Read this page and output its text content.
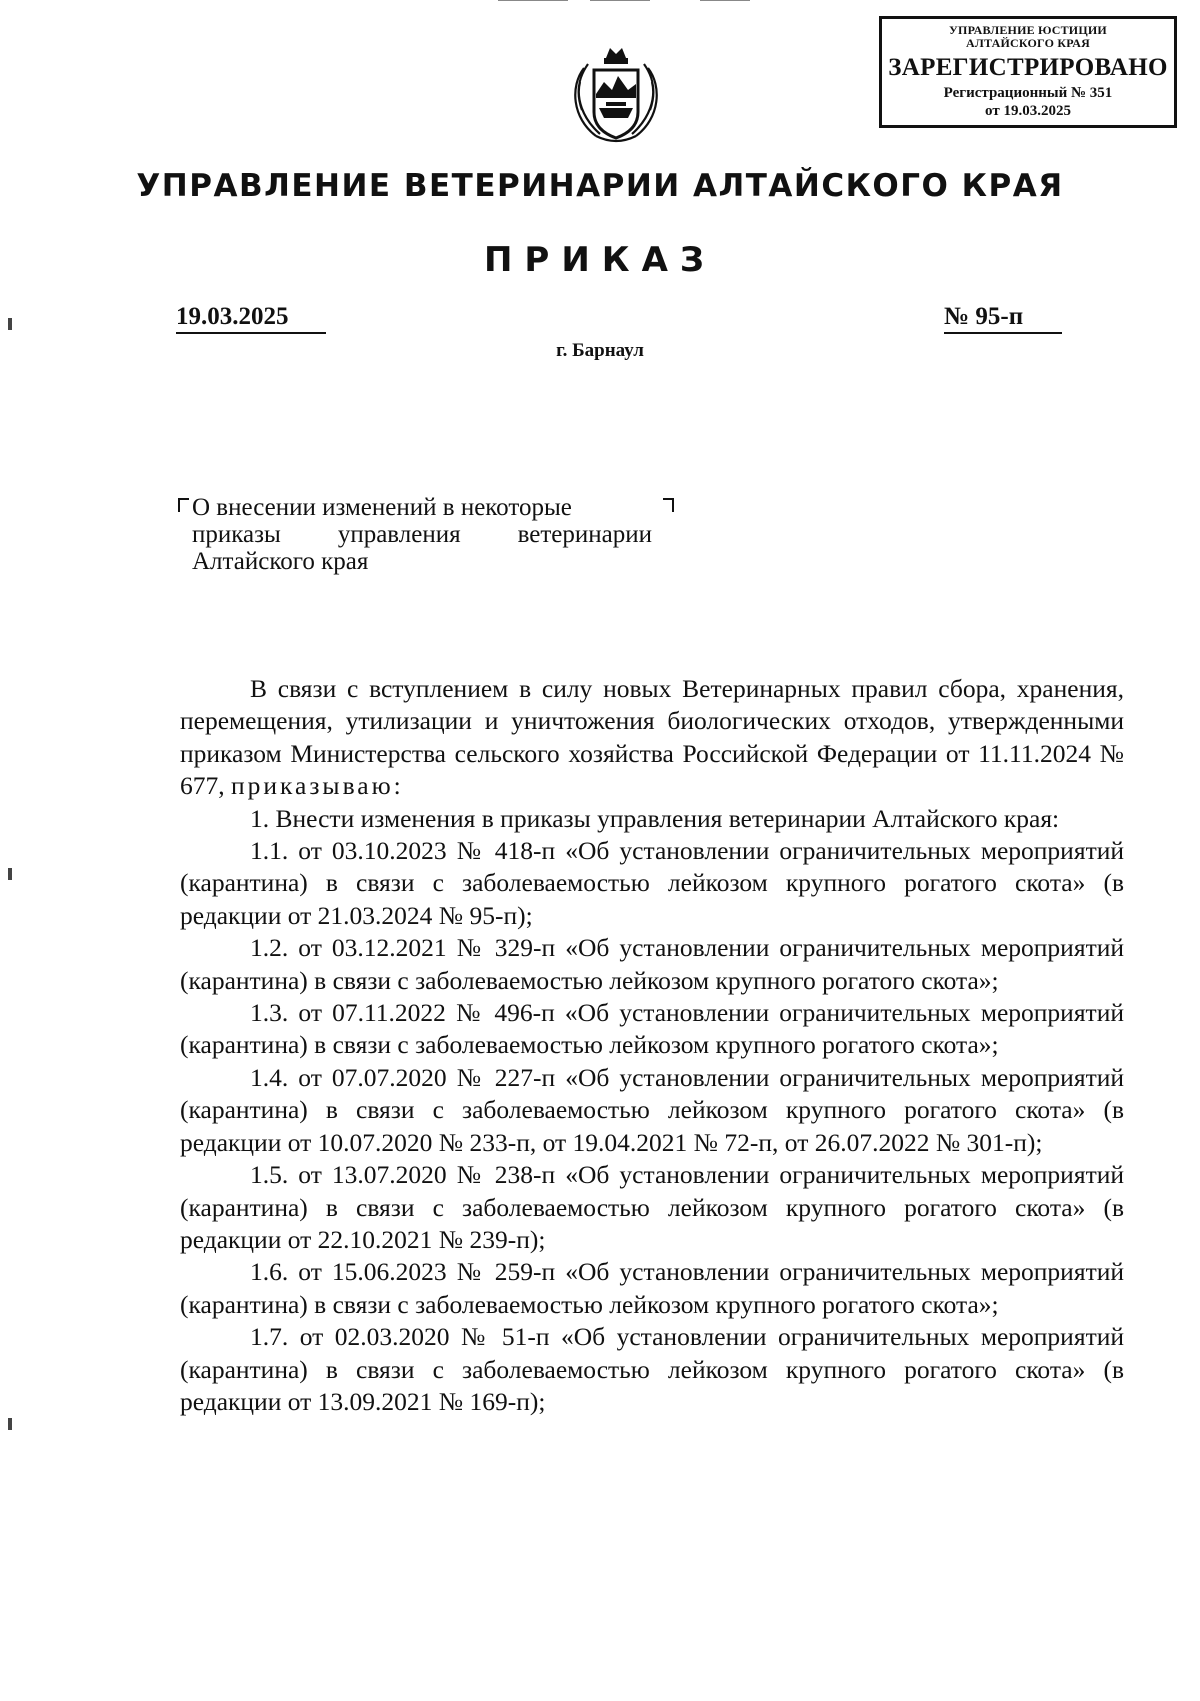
УПРАВЛЕНИЕ ЮСТИЦИИ
АЛТАЙСКОГО КРАЯ
ЗАРЕГИСТРИРОВАНО
Регистрационный № 351
от 19.03.2025
УПРАВЛЕНИЕ ВЕТЕРИНАРИИ АЛТАЙСКОГО КРАЯ
ПРИКАЗ
19.03.2025	№ 95-п
г. Барнаул
О внесении изменений в некоторые
приказы управления ветеринарии
Алтайского края

В связи с вступлением в силу новых Ветеринарных правил сбора, хранения, перемещения, утилизации и уничтожения биологических отходов, утвержденными приказом Министерства сельского хозяйства Российской Федерации от 11.11.2024 № 677, приказываю:

1. Внести изменения в приказы управления ветеринарии Алтайского края:

1.1. от 03.10.2023 № 418-п «Об установлении ограничительных мероприятий (карантина) в связи с заболеваемостью лейкозом крупного рогатого скота» (в редакции от 21.03.2024 № 95-п);

1.2. от 03.12.2021 № 329-п «Об установлении ограничительных мероприятий (карантина) в связи с заболеваемостью лейкозом крупного рогатого скота»;

1.3. от 07.11.2022 № 496-п «Об установлении ограничительных мероприятий (карантина) в связи с заболеваемостью лейкозом крупного рогатого скота»;

1.4. от 07.07.2020 № 227-п «Об установлении ограничительных мероприятий (карантина) в связи с заболеваемостью лейкозом крупного рогатого скота» (в редакции от 10.07.2020 № 233-п, от 19.04.2021 № 72-п, от 26.07.2022 № 301-п);

1.5. от 13.07.2020 № 238-п «Об установлении ограничительных мероприятий (карантина) в связи с заболеваемостью лейкозом крупного рогатого скота» (в редакции от 22.10.2021 № 239-п);

1.6. от 15.06.2023 № 259-п «Об установлении ограничительных мероприятий (карантина) в связи с заболеваемостью лейкозом крупного рогатого скота»;

1.7. от 02.03.2020 № 51-п «Об установлении ограничительных мероприятий (карантина) в связи с заболеваемостью лейкозом крупного рогатого скота» (в редакции от 13.09.2021 № 169-п);
